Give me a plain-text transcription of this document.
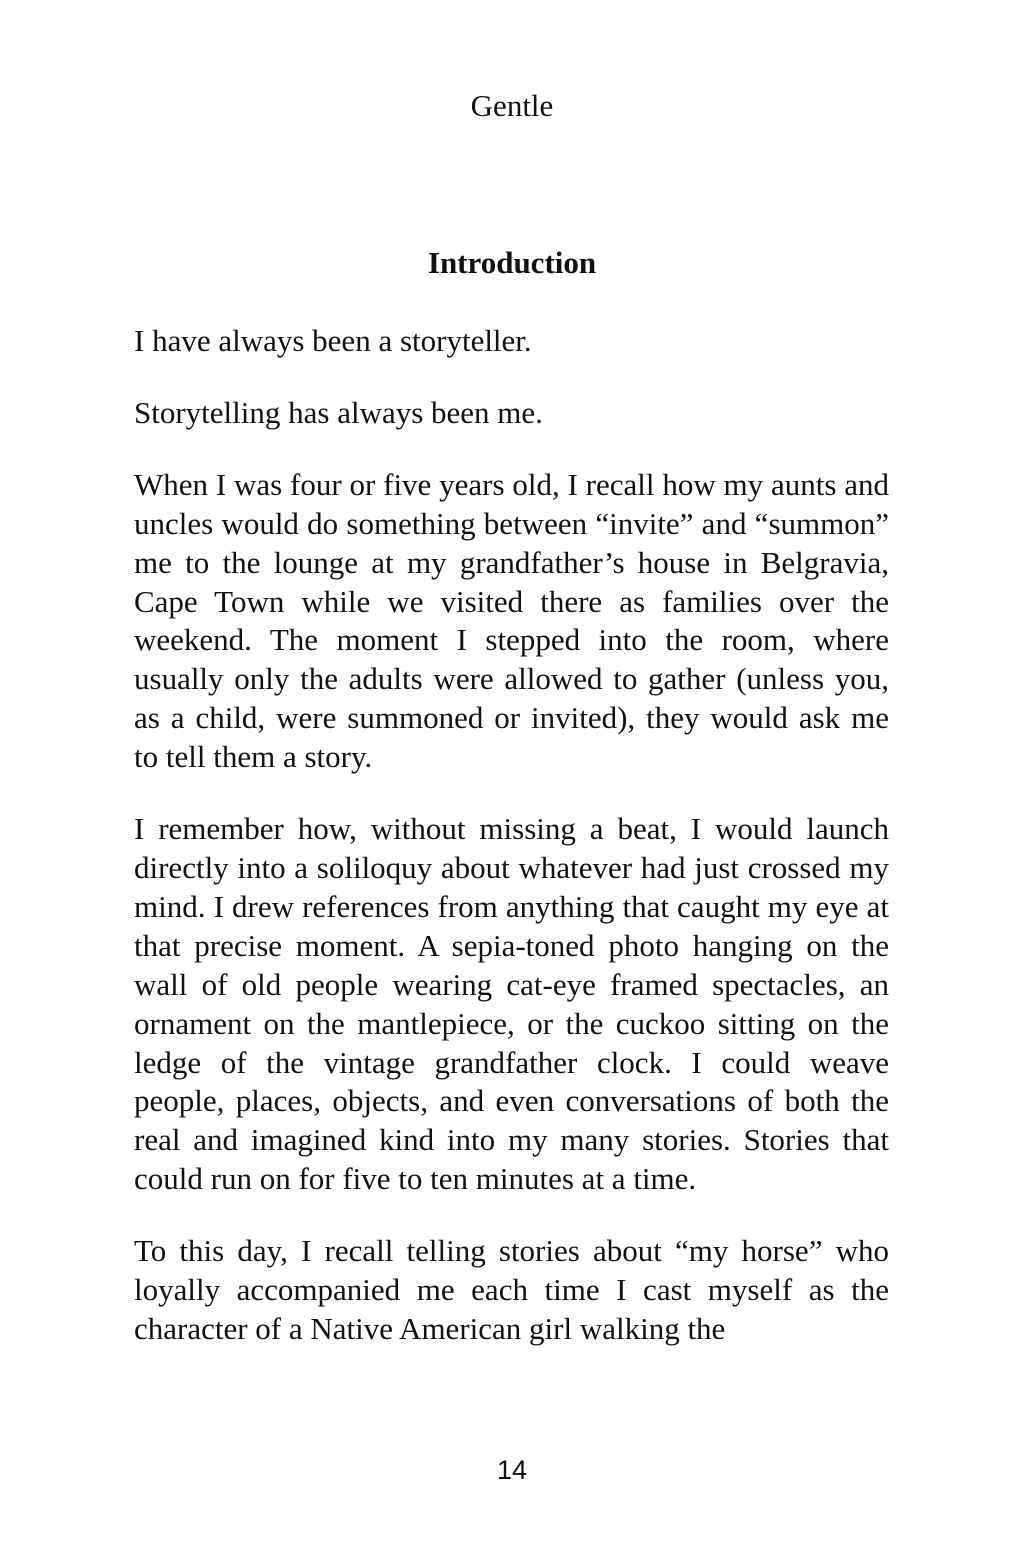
Gentle
Introduction

I have always been a storyteller.

Storytelling has always been me.

When I was four or five years old, I recall how my aunts and uncles would do something between “invite” and “summon” me to the lounge at my grandfather’s house in Belgravia, Cape Town while we visited there as families over the weekend. The moment I stepped into the room, where usually only the adults were allowed to gather (unless you, as a child, were summoned or invited), they would ask me to tell them a story.

I remember how, without missing a beat, I would launch directly into a soliloquy about whatever had just crossed my mind. I drew references from anything that caught my eye at that precise moment. A sepia-toned photo hanging on the wall of old people wearing cat-eye framed spectacles, an ornament on the mantlepiece, or the cuckoo sitting on the ledge of the vintage grandfather clock. I could weave people, places, objects, and even conversations of both the real and imagined kind into my many stories. Stories that could run on for five to ten minutes at a time.

To this day, I recall telling stories about “my horse” who loyally accompanied me each time I cast myself as the character of a Native American girl walking the

14
